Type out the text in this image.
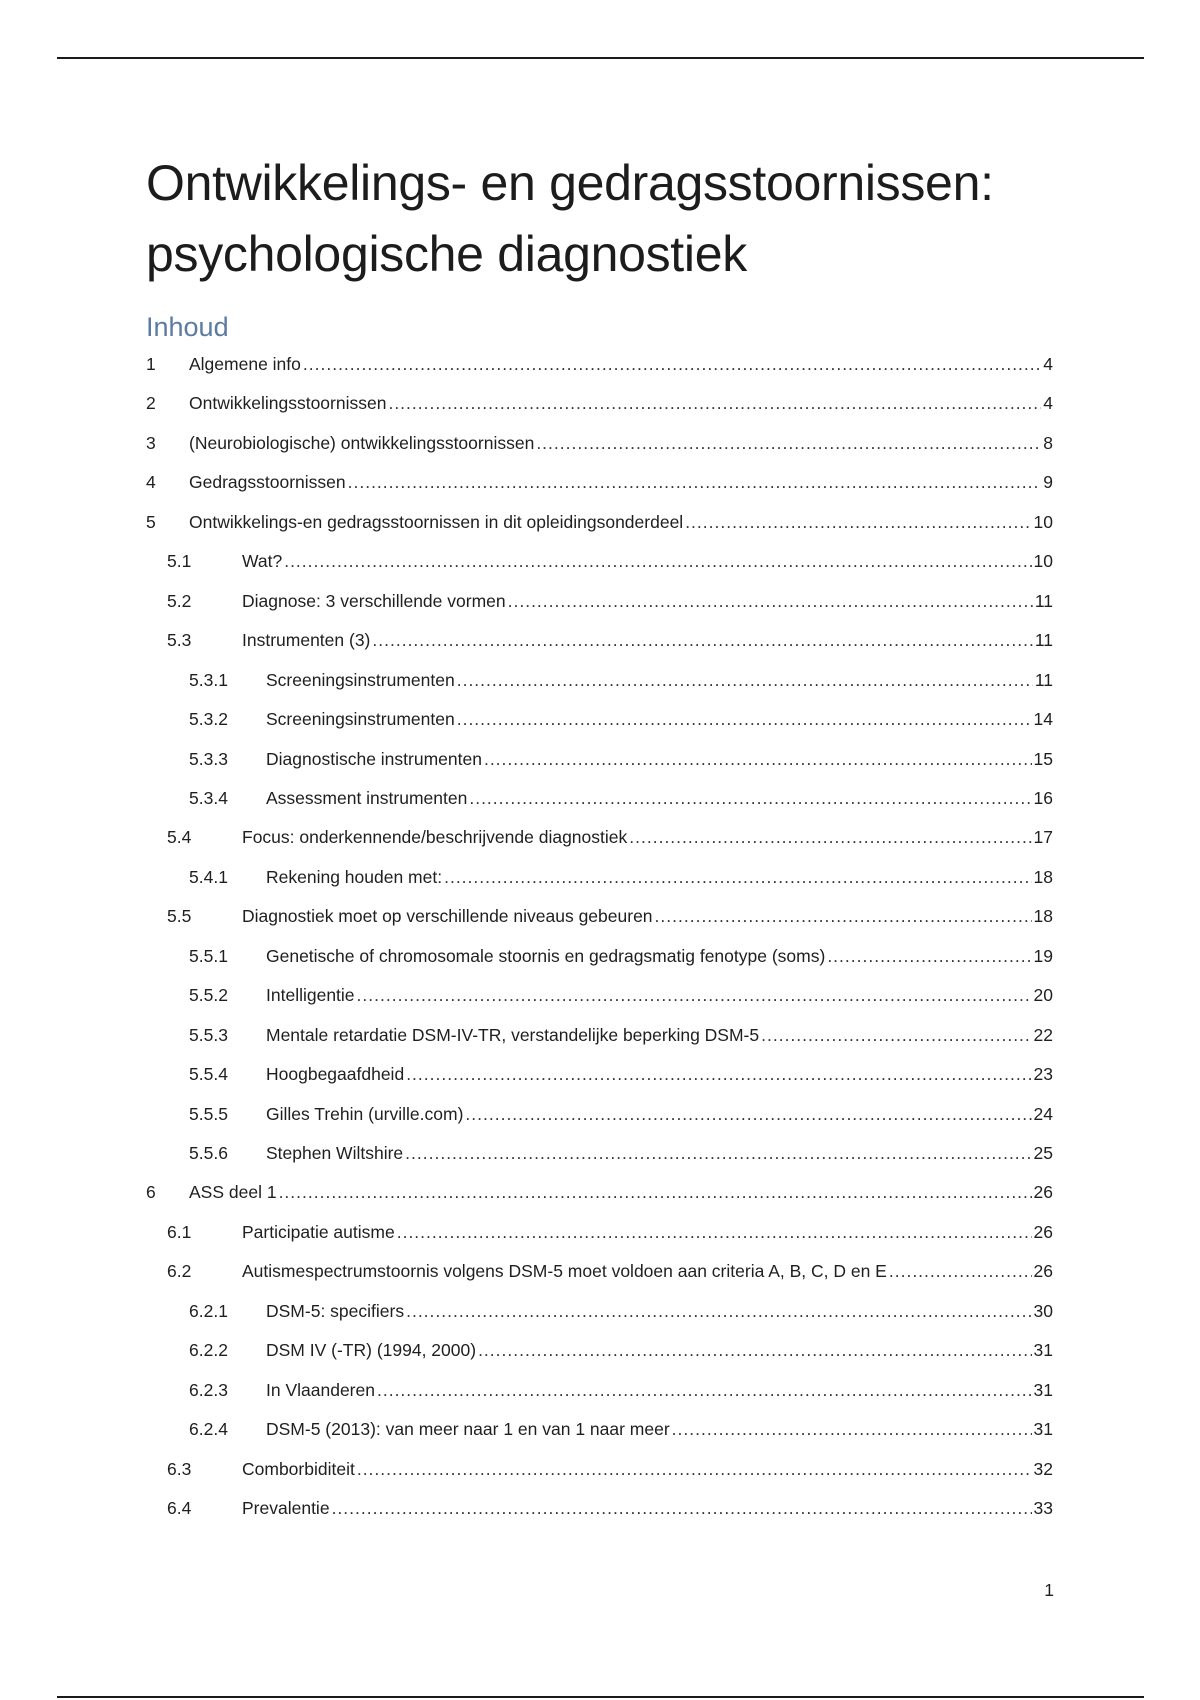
Ontwikkelings- en gedragsstoornissen:
psychologische diagnostiek
Inhoud
1	Algemene info .....	4
2	Ontwikkelingsstoornissen .....	4
3	(Neurobiologische) ontwikkelingsstoornissen .....	8
4	Gedragsstoornissen .....	9
5	Ontwikkelings-en gedragsstoornissen in dit opleidingsonderdeel .....	10
5.1	Wat? .....	10
5.2	Diagnose: 3 verschillende vormen .....	11
5.3	Instrumenten (3) .....	11
5.3.1	Screeningsinstrumenten .....	11
5.3.2	Screeningsinstrumenten .....	14
5.3.3	Diagnostische instrumenten .....	15
5.3.4	Assessment instrumenten .....	16
5.4	Focus: onderkennende/beschrijvende diagnostiek .....	17
5.4.1	Rekening houden met: .....	18
5.5	Diagnostiek moet op verschillende niveaus gebeuren .....	18
5.5.1	Genetische of chromosomale stoornis en gedragsmatig fenotype (soms) .....	19
5.5.2	Intelligentie .....	20
5.5.3	Mentale retardatie DSM-IV-TR, verstandelijke beperking DSM-5 .....	22
5.5.4	Hoogbegaafdheid .....	23
5.5.5	Gilles Trehin (urville.com) .....	24
5.5.6	Stephen Wiltshire .....	25
6	ASS deel 1 .....	26
6.1	Participatie autisme .....	26
6.2	Autismespectrumstoornis volgens DSM-5 moet voldoen aan criteria A, B, C, D en E .....	26
6.2.1	DSM-5: specifiers .....	30
6.2.2	DSM IV (-TR) (1994, 2000) .....	31
6.2.3	In Vlaanderen .....	31
6.2.4	DSM-5 (2013): van meer naar 1 en van 1 naar meer .....	31
6.3	Comborbiditeit .....	32
6.4	Prevalentie .....	33
1
